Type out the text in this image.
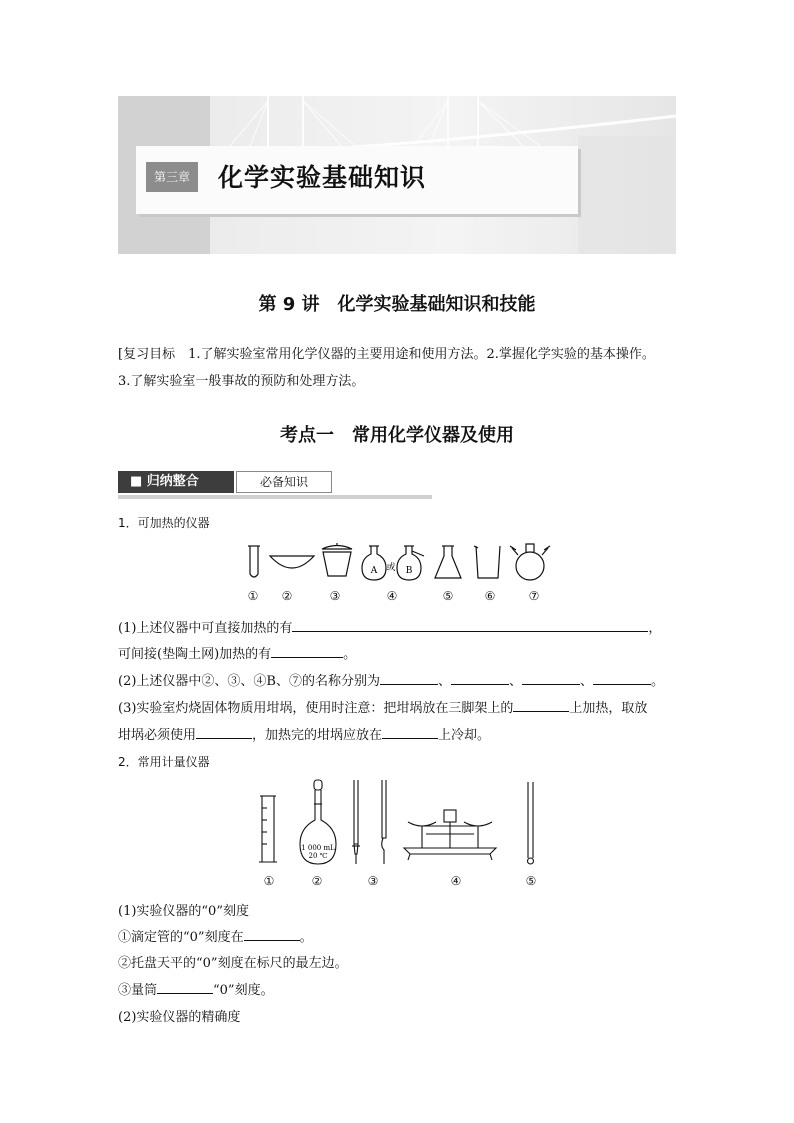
第三章	化学实验基础知识
第 9 讲　化学实验基础知识和技能
[复习目标　1.了解实验室常用化学仪器的主要用途和使用方法。2.掌握化学实验的基本操作。
3.了解实验室一般事故的预防和处理方法。
考点一　常用化学仪器及使用
■ 归纳整合	必备知识
1．可加热的仪器
A 或 B
①	②	③	④	⑤	⑥	⑦
(1)上述仪器中可直接加热的有	，
可间接(垫陶土网)加热的有	。
(2)上述仪器中②、③、④B、⑦的名称分别为	、	、	、	。
(3)实验室灼烧固体物质用坩埚，使用时注意：把坩埚放在三脚架上的	上加热，取放
坩埚必须使用	，加热完的坩埚应放在	上冷却。
2．常用计量仪器
1 000 mL
20 ℃
①	②	③	④	⑤
(1)实验仪器的“0”刻度
①滴定管的“0”刻度在	。
②托盘天平的“0”刻度在标尺的最左边。
③量筒	“0”刻度。
(2)实验仪器的精确度
